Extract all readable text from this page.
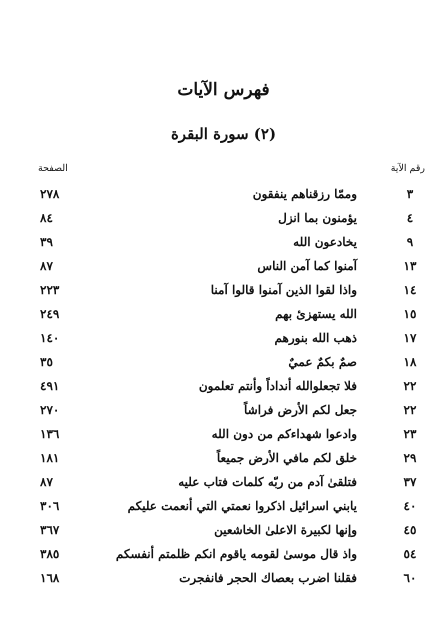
فهرس الآيات
(٢) سورة البقرة
رقم الآية
الصفحة
٣
وممّا رزقناهم ينفقون
٢٧٨
٤
يؤمنون بما انزل
٨٤
٩
يخادعون الله
٣٩
١٣
آمنوا كما آمن الناس
٨٧
١٤
واذا لقوا الذين آمنوا قالوا آمنا
٢٢٣
١٥
الله يستهزئ بهم
٢٤٩
١٧
ذهب الله بنورهم
١٤٠
١٨
صمٌ بكمٌ عميٌ
٣٥
٢٢
فلا تجعلوالله أنداداً وأنتم تعلمون
٤٩١
٢٢
جعل لكم الأرض فراشاً
٢٧٠
٢٣
وادعوا شهداءكم من دون الله
١٣٦
٢٩
خلق لكم مافي الأرض جميعاً
١٨١
٣٧
فتلقىٰ آدم من ربّه كلمات فتاب عليه
٨٧
٤٠
يابني اسرائيل اذكروا نعمتي التي أنعمت عليكم
٣٠٦
٤٥
وإنها لكبيرة الاعلىٰ الخاشعين
٣٦٧
٥٤
واذ قال موسىٰ لقومه ياقوم انكم ظلمتم أنفسكم
٣٨٥
٦٠
فقلنا اضرب بعصاك الحجر فانفجرت
١٦٨
